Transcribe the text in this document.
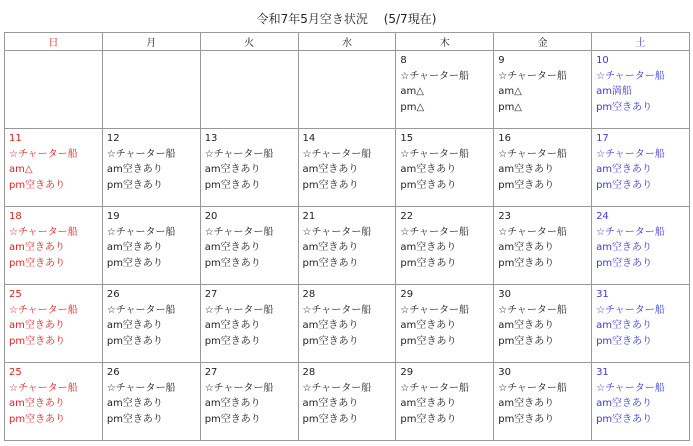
令和7年5月空き状況　 (5/7現在)
日	月	火	水	木	金	土

				8
☆チャーター船
am△
pm△	9
☆チャーター船
am△
pm△	10
☆チャーター船
am満船
pm空きあり

11
☆チャーター船
am△
pm空きあり	12
☆チャーター船
am空きあり
pm空きあり	13
☆チャーター船
am空きあり
pm空きあり	14
☆チャーター船
am空きあり
pm空きあり	15
☆チャーター船
am空きあり
pm空きあり	16
☆チャーター船
am空きあり
pm空きあり	17
☆チャーター船
am空きあり
pm空きあり

18
☆チャーター船
am空きあり
pm空きあり	19
☆チャーター船
am空きあり
pm空きあり	20
☆チャーター船
am空きあり
pm空きあり	21
☆チャーター船
am空きあり
pm空きあり	22
☆チャーター船
am空きあり
pm空きあり	23
☆チャーター船
am空きあり
pm空きあり	24
☆チャーター船
am空きあり
pm空きあり

25
☆チャーター船
am空きあり
pm空きあり	26
☆チャーター船
am空きあり
pm空きあり	27
☆チャーター船
am空きあり
pm空きあり	28
☆チャーター船
am空きあり
pm空きあり	29
☆チャーター船
am空きあり
pm空きあり	30
☆チャーター船
am空きあり
pm空きあり	31
☆チャーター船
am空きあり
pm空きあり

25
☆チャーター船
am空きあり
pm空きあり	26
☆チャーター船
am空きあり
pm空きあり	27
☆チャーター船
am空きあり
pm空きあり	28
☆チャーター船
am空きあり
pm空きあり	29
☆チャーター船
am空きあり
pm空きあり	30
☆チャーター船
am空きあり
pm空きあり	31
☆チャーター船
am空きあり
pm空きあり
